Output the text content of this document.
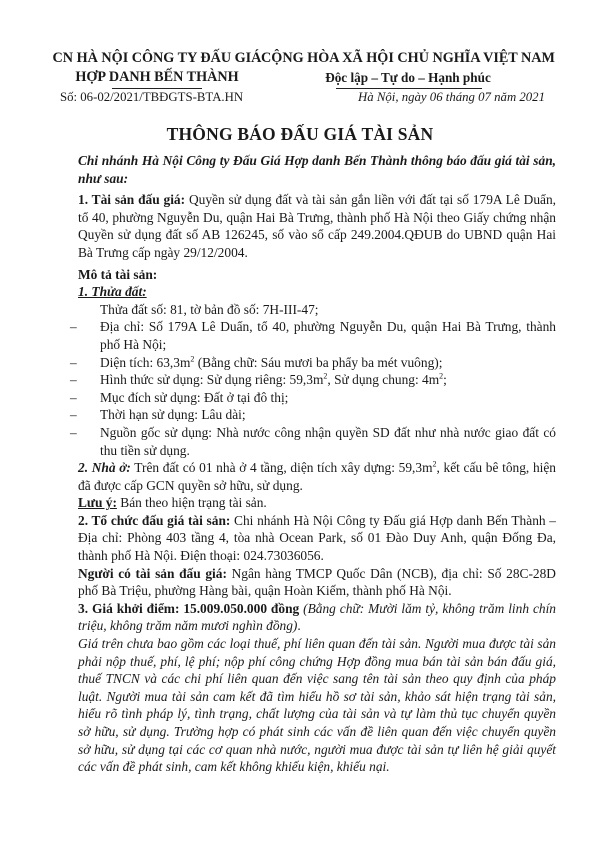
CN HÀ NỘI CÔNG TY ĐẤU GIÁ
HỢP DANH BẾN THÀNH
CỘNG HÒA XÃ HỘI CHỦ NGHĨA VIỆT NAM
Độc lập – Tự do – Hạnh phúc
Số: 06-02/2021/TBĐGTS-BTA.HN	Hà Nội, ngày 06 tháng 07 năm 2021
THÔNG BÁO ĐẤU GIÁ TÀI SẢN

Chi nhánh Hà Nội Công ty Đấu Giá Hợp danh Bến Thành thông báo đấu giá tài sản, như sau:

1. Tài sản đấu giá: Quyền sử dụng đất và tài sản gắn liền với đất tại số 179A Lê Duẩn, tổ 40, phường Nguyễn Du, quận Hai Bà Trưng, thành phố Hà Nội theo Giấy chứng nhận Quyền sử dụng đất số AB 126245, số vào sổ cấp 249.2004.QĐUB do UBND quận Hai Bà Trưng cấp ngày 29/12/2004.

Mô tả tài sản:

1. Thửa đất:

Thửa đất số: 81, tờ bản đồ số: 7H-III-47;

– Địa chỉ: Số 179A Lê Duẩn, tổ 40, phường Nguyễn Du, quận Hai Bà Trưng, thành phố Hà Nội;

– Diện tích: $63,3m^2$ (Bằng chữ: Sáu mươi ba phẩy ba mét vuông);

– Hình thức sử dụng: Sử dụng riêng: $59,3m^2$, Sử dụng chung: $4m^2$;

– Mục đích sử dụng: Đất ở tại đô thị;

– Thời hạn sử dụng: Lâu dài;

– Nguồn gốc sử dụng: Nhà nước công nhận quyền SD đất như nhà nước giao đất có thu tiền sử dụng.

2. Nhà ở: Trên đất có 01 nhà ở 4 tầng, diện tích xây dựng: $59,3m^2$, kết cấu bê tông, hiện đã được cấp GCN quyền sở hữu, sử dụng.

Lưu ý: Bán theo hiện trạng tài sản.

2. Tổ chức đấu giá tài sản: Chi nhánh Hà Nội Công ty Đấu giá Hợp danh Bến Thành – Địa chỉ: Phòng 403 tầng 4, tòa nhà Ocean Park, số 01 Đào Duy Anh, quận Đống Đa, thành phố Hà Nội. Điện thoại: 024.73036056.

Người có tài sản đấu giá: Ngân hàng TMCP Quốc Dân (NCB), địa chỉ: Số 28C-28D phố Bà Triệu, phường Hàng bài, quận Hoàn Kiếm, thành phố Hà Nội.

3. Giá khởi điểm: 15.009.050.000 đồng (Bằng chữ: Mười lăm tỷ, không trăm linh chín triệu, không trăm năm mươi nghìn đồng).

Giá trên chưa bao gồm các loại thuế, phí liên quan đến tài sản. Người mua được tài sản phải nộp thuế, phí, lệ phí; nộp phí công chứng Hợp đồng mua bán tài sản bán đấu giá, thuế TNCN và các chi phí liên quan đến việc sang tên tài sản theo quy định của pháp luật. Người mua tài sản cam kết đã tìm hiểu hồ sơ tài sản, khảo sát hiện trạng tài sản, hiểu rõ tình pháp lý, tình trạng, chất lượng của tài sản và tự làm thủ tục chuyển quyền sở hữu, sử dụng. Trường hợp có phát sinh các vấn đề liên quan đến việc chuyển quyền sở hữu, sử dụng tại các cơ quan nhà nước, người mua được tài sản tự liên hệ giải quyết các vấn đề phát sinh, cam kết không khiếu kiện, khiếu nại.
